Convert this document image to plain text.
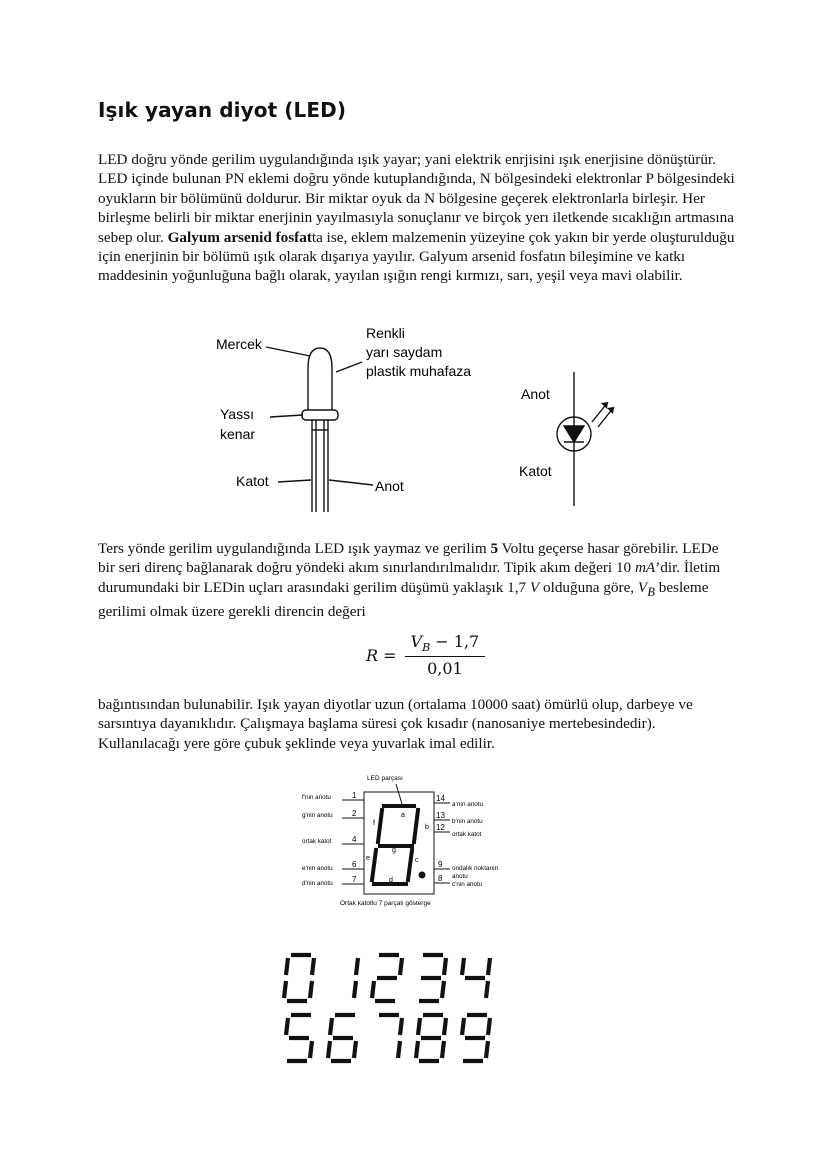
Işık yayan diyot (LED)

LED doğru yönde gerilim uygulandığında ışık yayar; yani elektrik enrjisini ışık enerjisine dönüştürür. LED içinde bulunan PN eklemi doğru yönde kutuplandığında, N bölgesindeki elektronlar P bölgesindeki oyukların bir bölümünü doldurur. Bir miktar oyuk da N bölgesine geçerek elektronlarla birleşir. Her birleşme belirli bir miktar enerjinin yayılmasıyla sonuçlanır ve birçok yerı iletkende sıcaklığın artmasına sebep olur. Galyum arsenid fosfatta ise, eklem malzemenin yüzeyine çok yakın bir yerde oluşturulduğu için enerjinin bir bölümü ışık olarak dışarıya yayılır. Galyum arsenid fosfatın bileşimine ve katkı maddesinin yoğunluğuna bağlı olarak, yayılan ışığın rengi kırmızı, sarı, yeşil veya mavi olabilir.

Mercek
Renkli
yarı saydam
plastik muhafaza
Yassı
kenar
Katot	Anot
Anot
Katot

Ters yönde gerilim uygulandığında LED ışık yaymaz ve gerilim 5 Voltu geçerse hasar görebilir. LEDe bir seri direnç bağlanarak doğru yöndeki akım sınırlandırılmalıdır. Tipik akım değeri 10 mA’dir. İletim durumundaki bir LEDin uçları arasındaki gerilim düşümü yaklaşık 1,7 V olduğuna göre, $V_B$ besleme gerilimi olmak üzere gerekli direncin değeri

$R = \frac{V_B - 1,7}{0,01}$

bağıntısından bulunabilir. Işık yayan diyotlar uzun (ortalama 10000 saat) ömürlü olup, darbeye ve sarsıntıya dayanıklıdır. Çalışmaya başlama süresi çok kısadır (nanosaniye mertebesindedir). Kullanılacağı yere göre çubuk şeklinde veya yuvarlak imal edilir.

a
b
c
d
e
f
g
LED parçası
Ortak katotlu 7 parçalı gösterge
f'nin anotu	1
g'nin anotu 2
ortak katot	4
e'nin anotu 6
d'nin anotu 7
14
a'nın anotu
13
b'nin anotu
12
ortak katot
9 ondalık noktanın
anotu
8
c'nin anotu
